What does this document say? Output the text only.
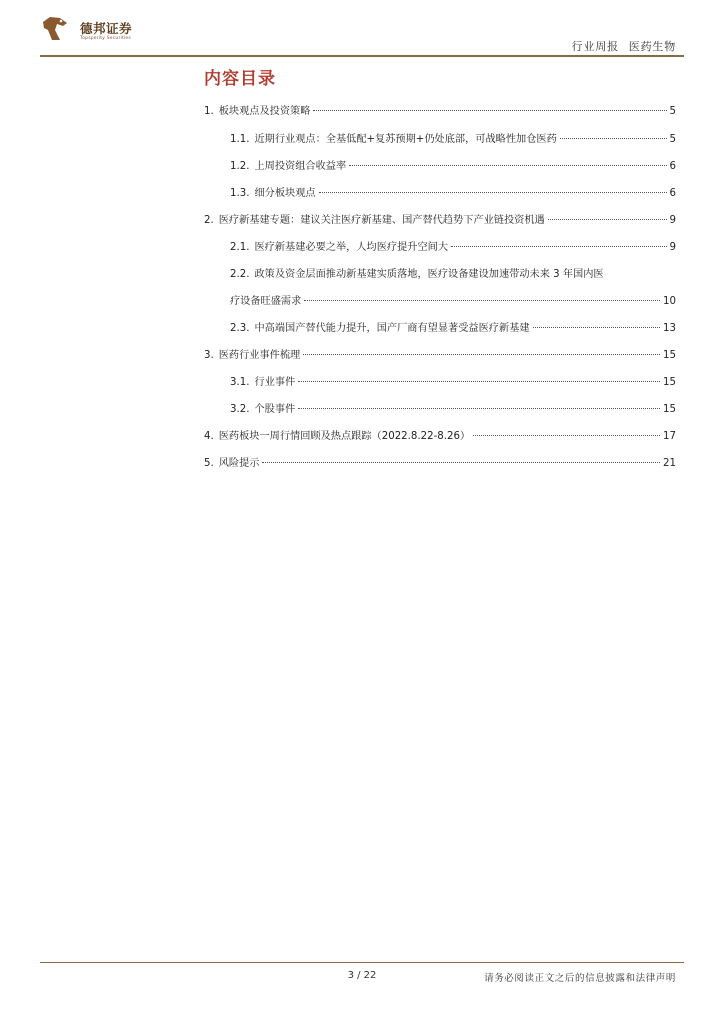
德邦证券
Topsperity Securities
行业周报 医药生物
内容目录
1. 板块观点及投资策略	5
1.1. 近期行业观点：全基低配+复苏预期+仍处底部，可战略性加仓医药	5
1.2. 上周投资组合收益率	6
1.3. 细分板块观点	6
2. 医疗新基建专题：建议关注医疗新基建、国产替代趋势下产业链投资机遇	9
2.1. 医疗新基建必要之举，人均医疗提升空间大	9
2.2. 政策及资金层面推动新基建实质落地，医疗设备建设加速带动未来 3 年国内医
疗设备旺盛需求	10
2.3. 中高端国产替代能力提升，国产厂商有望显著受益医疗新基建	13
3. 医药行业事件梳理	15
3.1. 行业事件	15
3.2. 个股事件	15
4. 医药板块一周行情回顾及热点跟踪（2022.8.22-8.26）	17
5. 风险提示	21
3 / 22	请务必阅读正文之后的信息披露和法律声明
